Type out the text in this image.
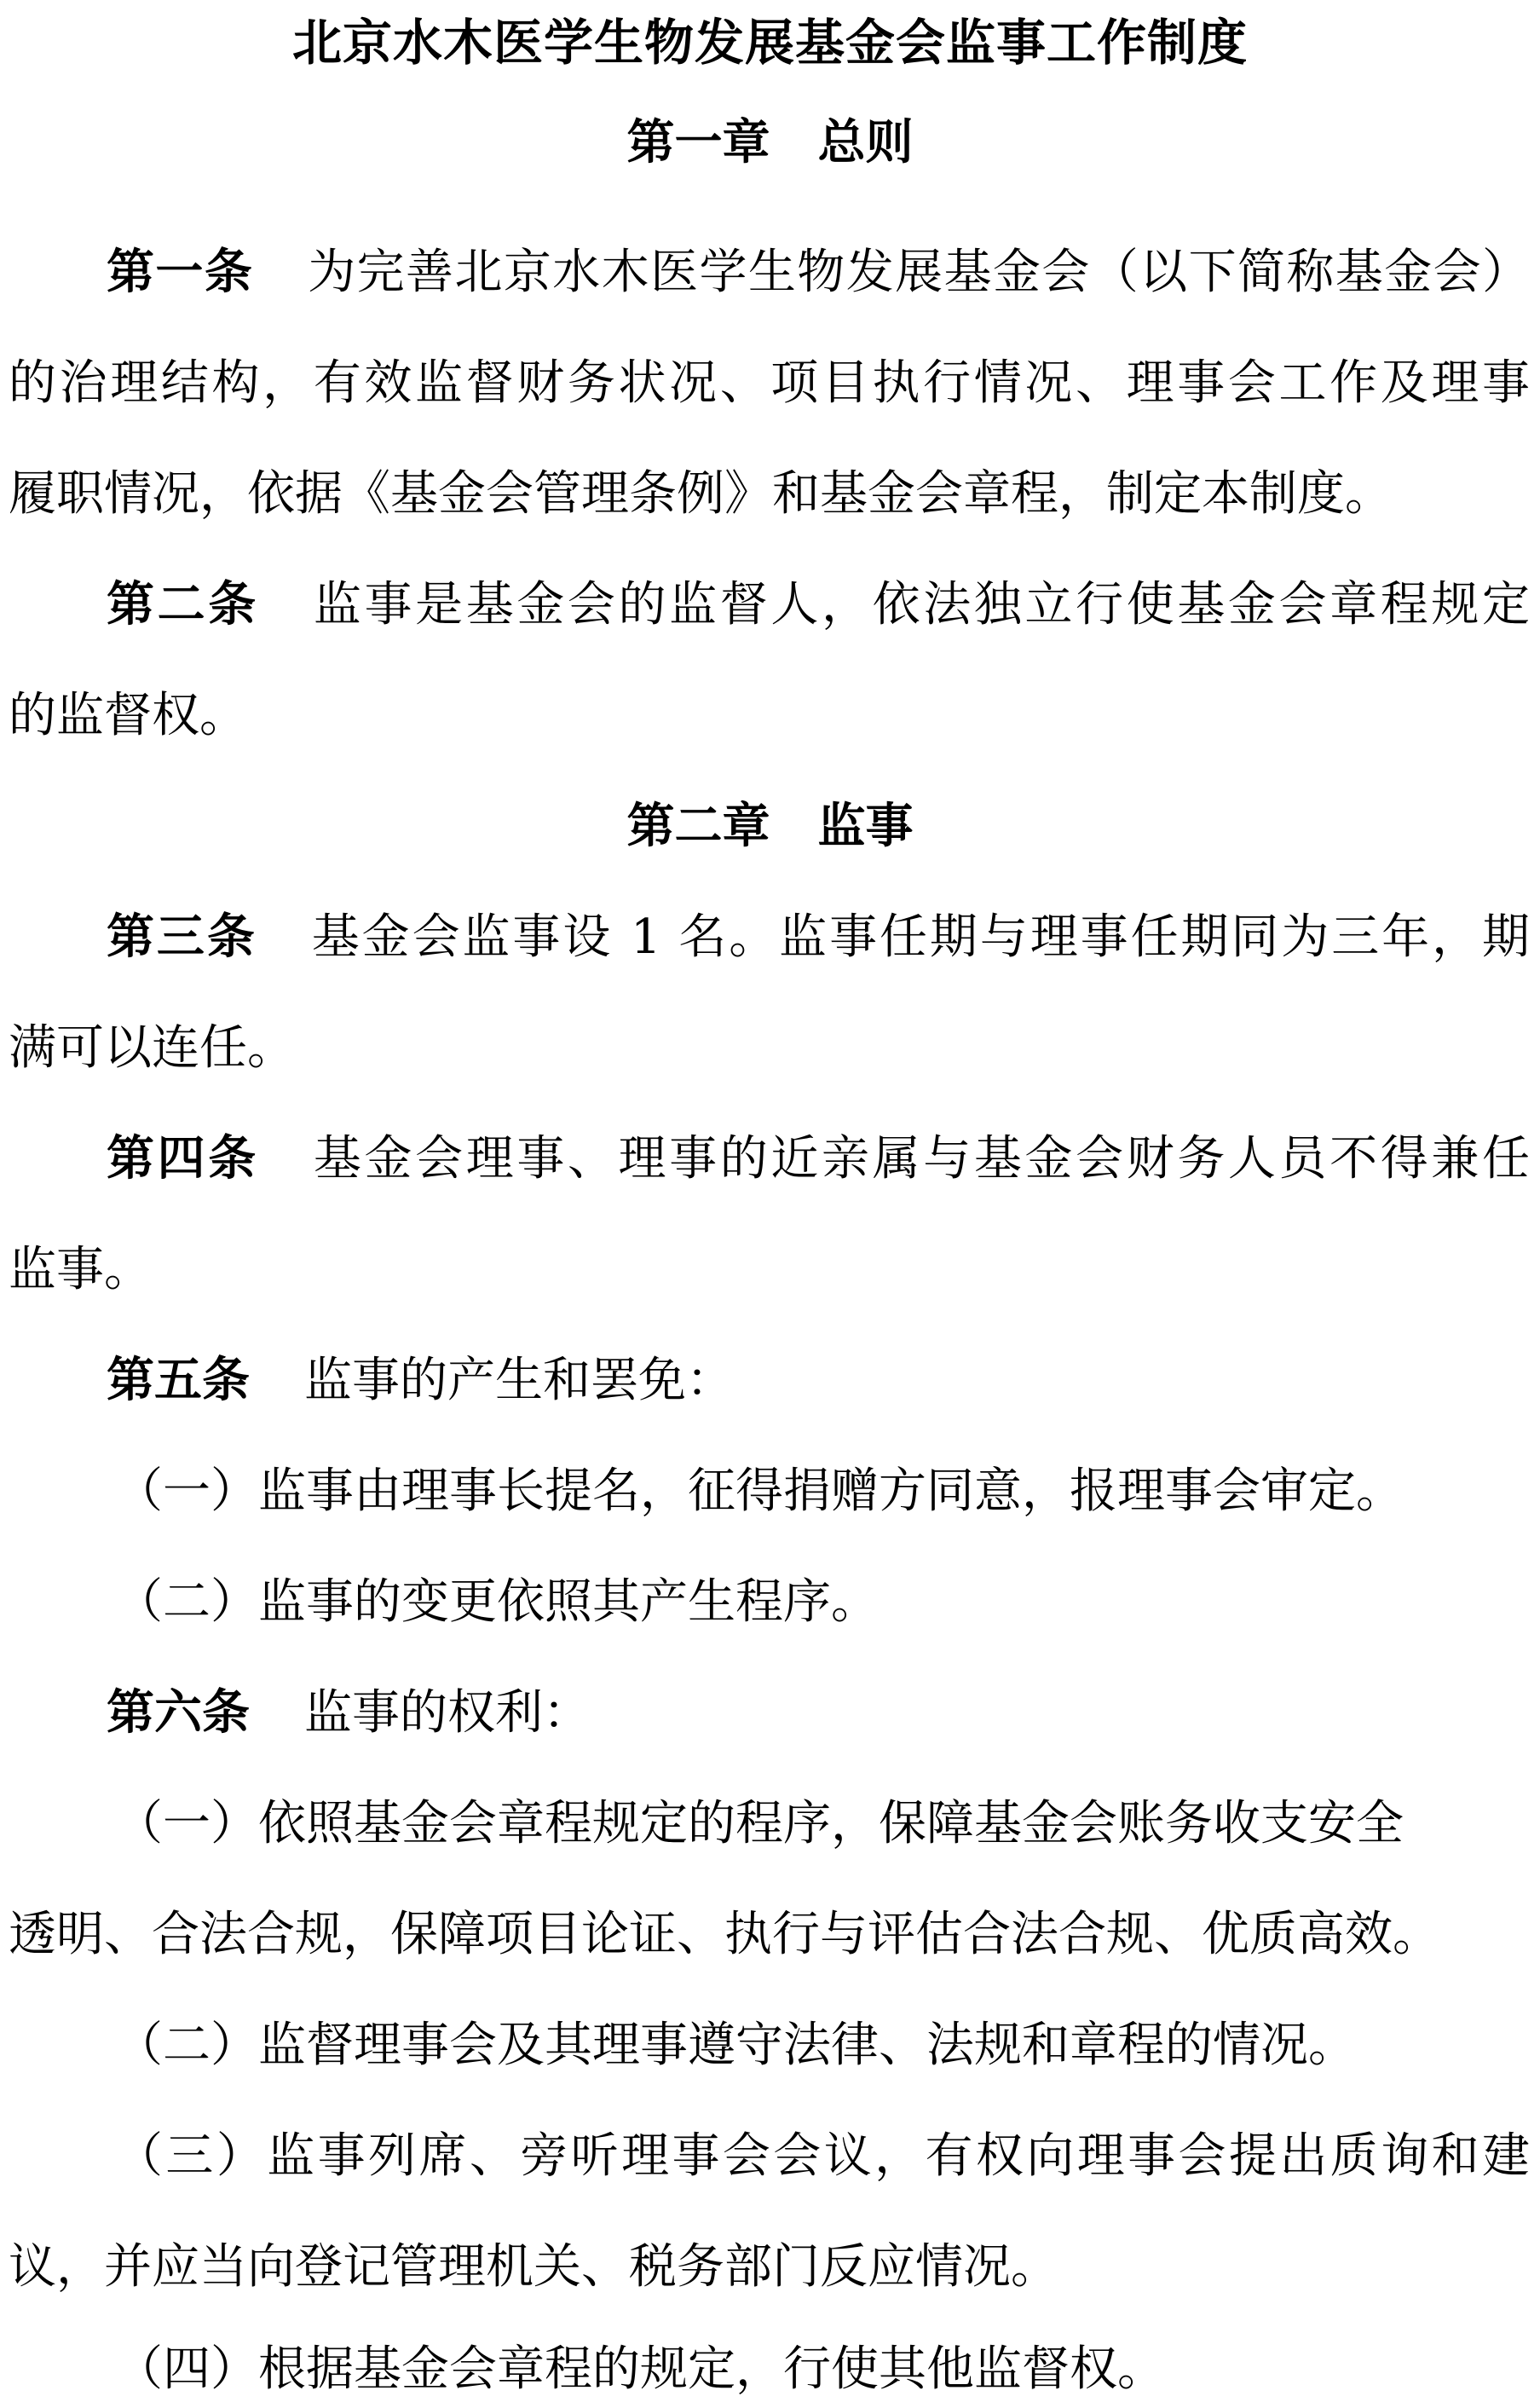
北京水木医学生物发展基金会监事工作制度
第一章　总则
第一条 为完善北京水木医学生物发展基金会（以下简称基金会）
的治理结构，有效监督财务状况、项目执行情况、理事会工作及理事
履职情况，依据《基金会管理条例》和基金会章程，制定本制度。
第二条 监事是基金会的监督人，依法独立行使基金会章程规定
的监督权。
第二章　监事
第三条 基金会监事设 1 名。监事任期与理事任期同为三年，期
满可以连任。
第四条 基金会理事、理事的近亲属与基金会财务人员不得兼任
监事。
第五条 监事的产生和罢免：
（一）监事由理事长提名，征得捐赠方同意，报理事会审定。
（二）监事的变更依照其产生程序。
第六条 监事的权利：
（一）依照基金会章程规定的程序，保障基金会账务收支安全
透明、合法合规，保障项目论证、执行与评估合法合规、优质高效。
（二）监督理事会及其理事遵守法律、法规和章程的情况。
（三）监事列席、旁听理事会会议，有权向理事会提出质询和建
议，并应当向登记管理机关、税务部门反应情况。
（四）根据基金会章程的规定，行使其他监督权。
